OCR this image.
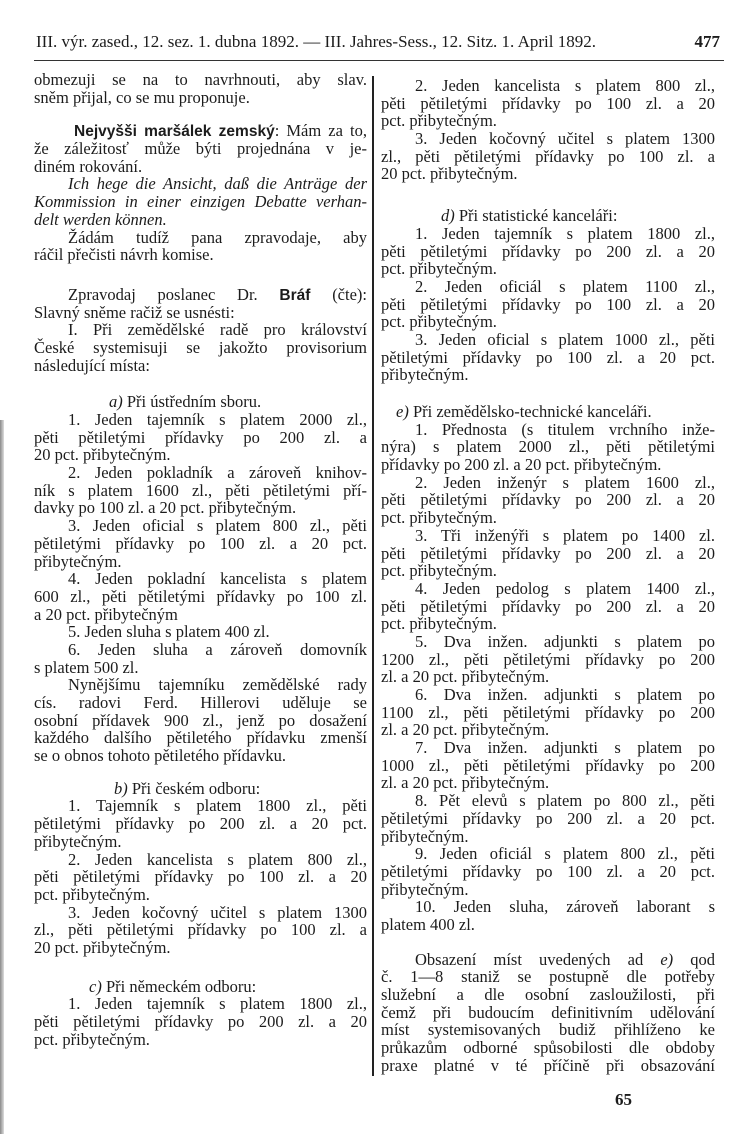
III. výr. zased., 12. sez. 1. dubna 1892. — III. Jahres-Sess., 12. Sitz. 1. April 1892.	477
obmezuji se na to navrhnouti, aby slav.
sněm přijal, co se mu proponuje.
Nejvyšši maršálek zemský: Mám za to,
že záležitosť může býti projednána v je-
diném rokování.
Ich hege die Ansicht, daß die Anträge der
Kommission in einer einzigen Debatte verhan-
delt werden können.
Žádám tudíž pana zpravodaje, aby
ráčil přečisti návrh komise.
Zpravodaj poslanec Dr. Bráf (čte):
Slavný sněme račiž se usnésti:
I. Při zemědělské radě pro království
České systemisuji se jakožto provisorium
následující místa:
a) Při ústředním sboru.
1. Jeden tajemník s platem 2000 zl.,
pěti pětiletými přídavky po 200 zl. a
20 pct. přibytečným.
2. Jeden pokladník a zároveň knihov-
ník s platem 1600 zl., pěti pětiletými pří-
davky po 100 zl. a 20 pct. přibytečným.
3. Jeden oficial s platem 800 zl., pěti
pětiletými přídavky po 100 zl. a 20 pct.
přibytečným.
4. Jeden pokladní kancelista s platem
600 zl., pěti pětiletými přídavky po 100 zl.
a 20 pct. přibytečným
5. Jeden sluha s platem 400 zl.
6. Jeden sluha a zároveň domovník
s platem 500 zl.
Nynějšímu tajemníku zemědělské rady
cís. radovi Ferd. Hillerovi uděluje se
osobní přídavek 900 zl., jenž po dosažení
každého dalšího pětiletého přídavku zmenší
se o obnos tohoto pětiletého přídavku.
b) Při českém odboru:
1. Tajemník s platem 1800 zl., pěti
pětiletými přídavky po 200 zl. a 20 pct.
přibytečným.
2. Jeden kancelista s platem 800 zl.,
pěti pětiletými přídavky po 100 zl. a 20
pct. přibytečným.
3. Jeden kočovný učitel s platem 1300
zl., pěti pětiletými přídavky po 100 zl. a
20 pct. přibytečným.
c) Při německém odboru:
1. Jeden tajemník s platem 1800 zl.,
pěti pětiletými přídavky po 200 zl. a 20
pct. přibytečným.
2. Jeden kancelista s platem 800 zl.,
pěti pětiletými přídavky po 100 zl. a 20
pct. přibytečným.
3. Jeden kočovný učitel s platem 1300
zl., pěti pětiletými přídavky po 100 zl. a
20 pct. přibytečným.
d) Při statistické kanceláři:
1. Jeden tajemník s platem 1800 zl.,
pěti pětiletými přídavky po 200 zl. a 20
pct. přibytečným.
2. Jeden oficiál s platem 1100 zl.,
pěti pětiletými přídavky po 100 zl. a 20
pct. přibytečným.
3. Jeden oficial s platem 1000 zl., pěti
pětiletými přídavky po 100 zl. a 20 pct.
přibytečným.
e) Při zemědělsko-technické kanceláři.
1. Přednosta (s titulem vrchního inže-
nýra) s platem 2000 zl., pěti pětiletými
přídavky po 200 zl. a 20 pct. přibytečným.
2. Jeden inženýr s platem 1600 zl.,
pěti pětiletými přídavky po 200 zl. a 20
pct. přibytečným.
3. Tři inženýři s platem po 1400 zl.
pěti pětiletými přídavky po 200 zl. a 20
pct. přibytečným.
4. Jeden pedolog s platem 1400 zl.,
pěti pětiletými přídavky po 200 zl. a 20
pct. přibytečným.
5. Dva inžen. adjunkti s platem po
1200 zl., pěti pětiletými přídavky po 200
zl. a 20 pct. přibytečným.
6. Dva inžen. adjunkti s platem po
1100 zl., pěti pětiletými přídavky po 200
zl. a 20 pct. přibytečným.
7. Dva inžen. adjunkti s platem po
1000 zl., pěti pětiletými přídavky po 200
zl. a 20 pct. přibytečným.
8. Pět elevů s platem po 800 zl., pěti
pětiletými přídavky po 200 zl. a 20 pct.
přibytečným.
9. Jeden oficiál s platem 800 zl., pěti
pětiletými přídavky po 100 zl. a 20 pct.
přibytečným.
10. Jeden sluha, zároveň laborant s
platem 400 zl.
Obsazení míst uvedených ad e) qod
č. 1—8 staniž se postupně dle potřeby
služební a dle osobní zasloužilosti, při
čemž při budoucím definitivním udělování
míst systemisovaných budiž přihlíženo ke
průkazům odborné spůsobilosti dle obdoby
praxe platné v té příčině při obsazování
65
